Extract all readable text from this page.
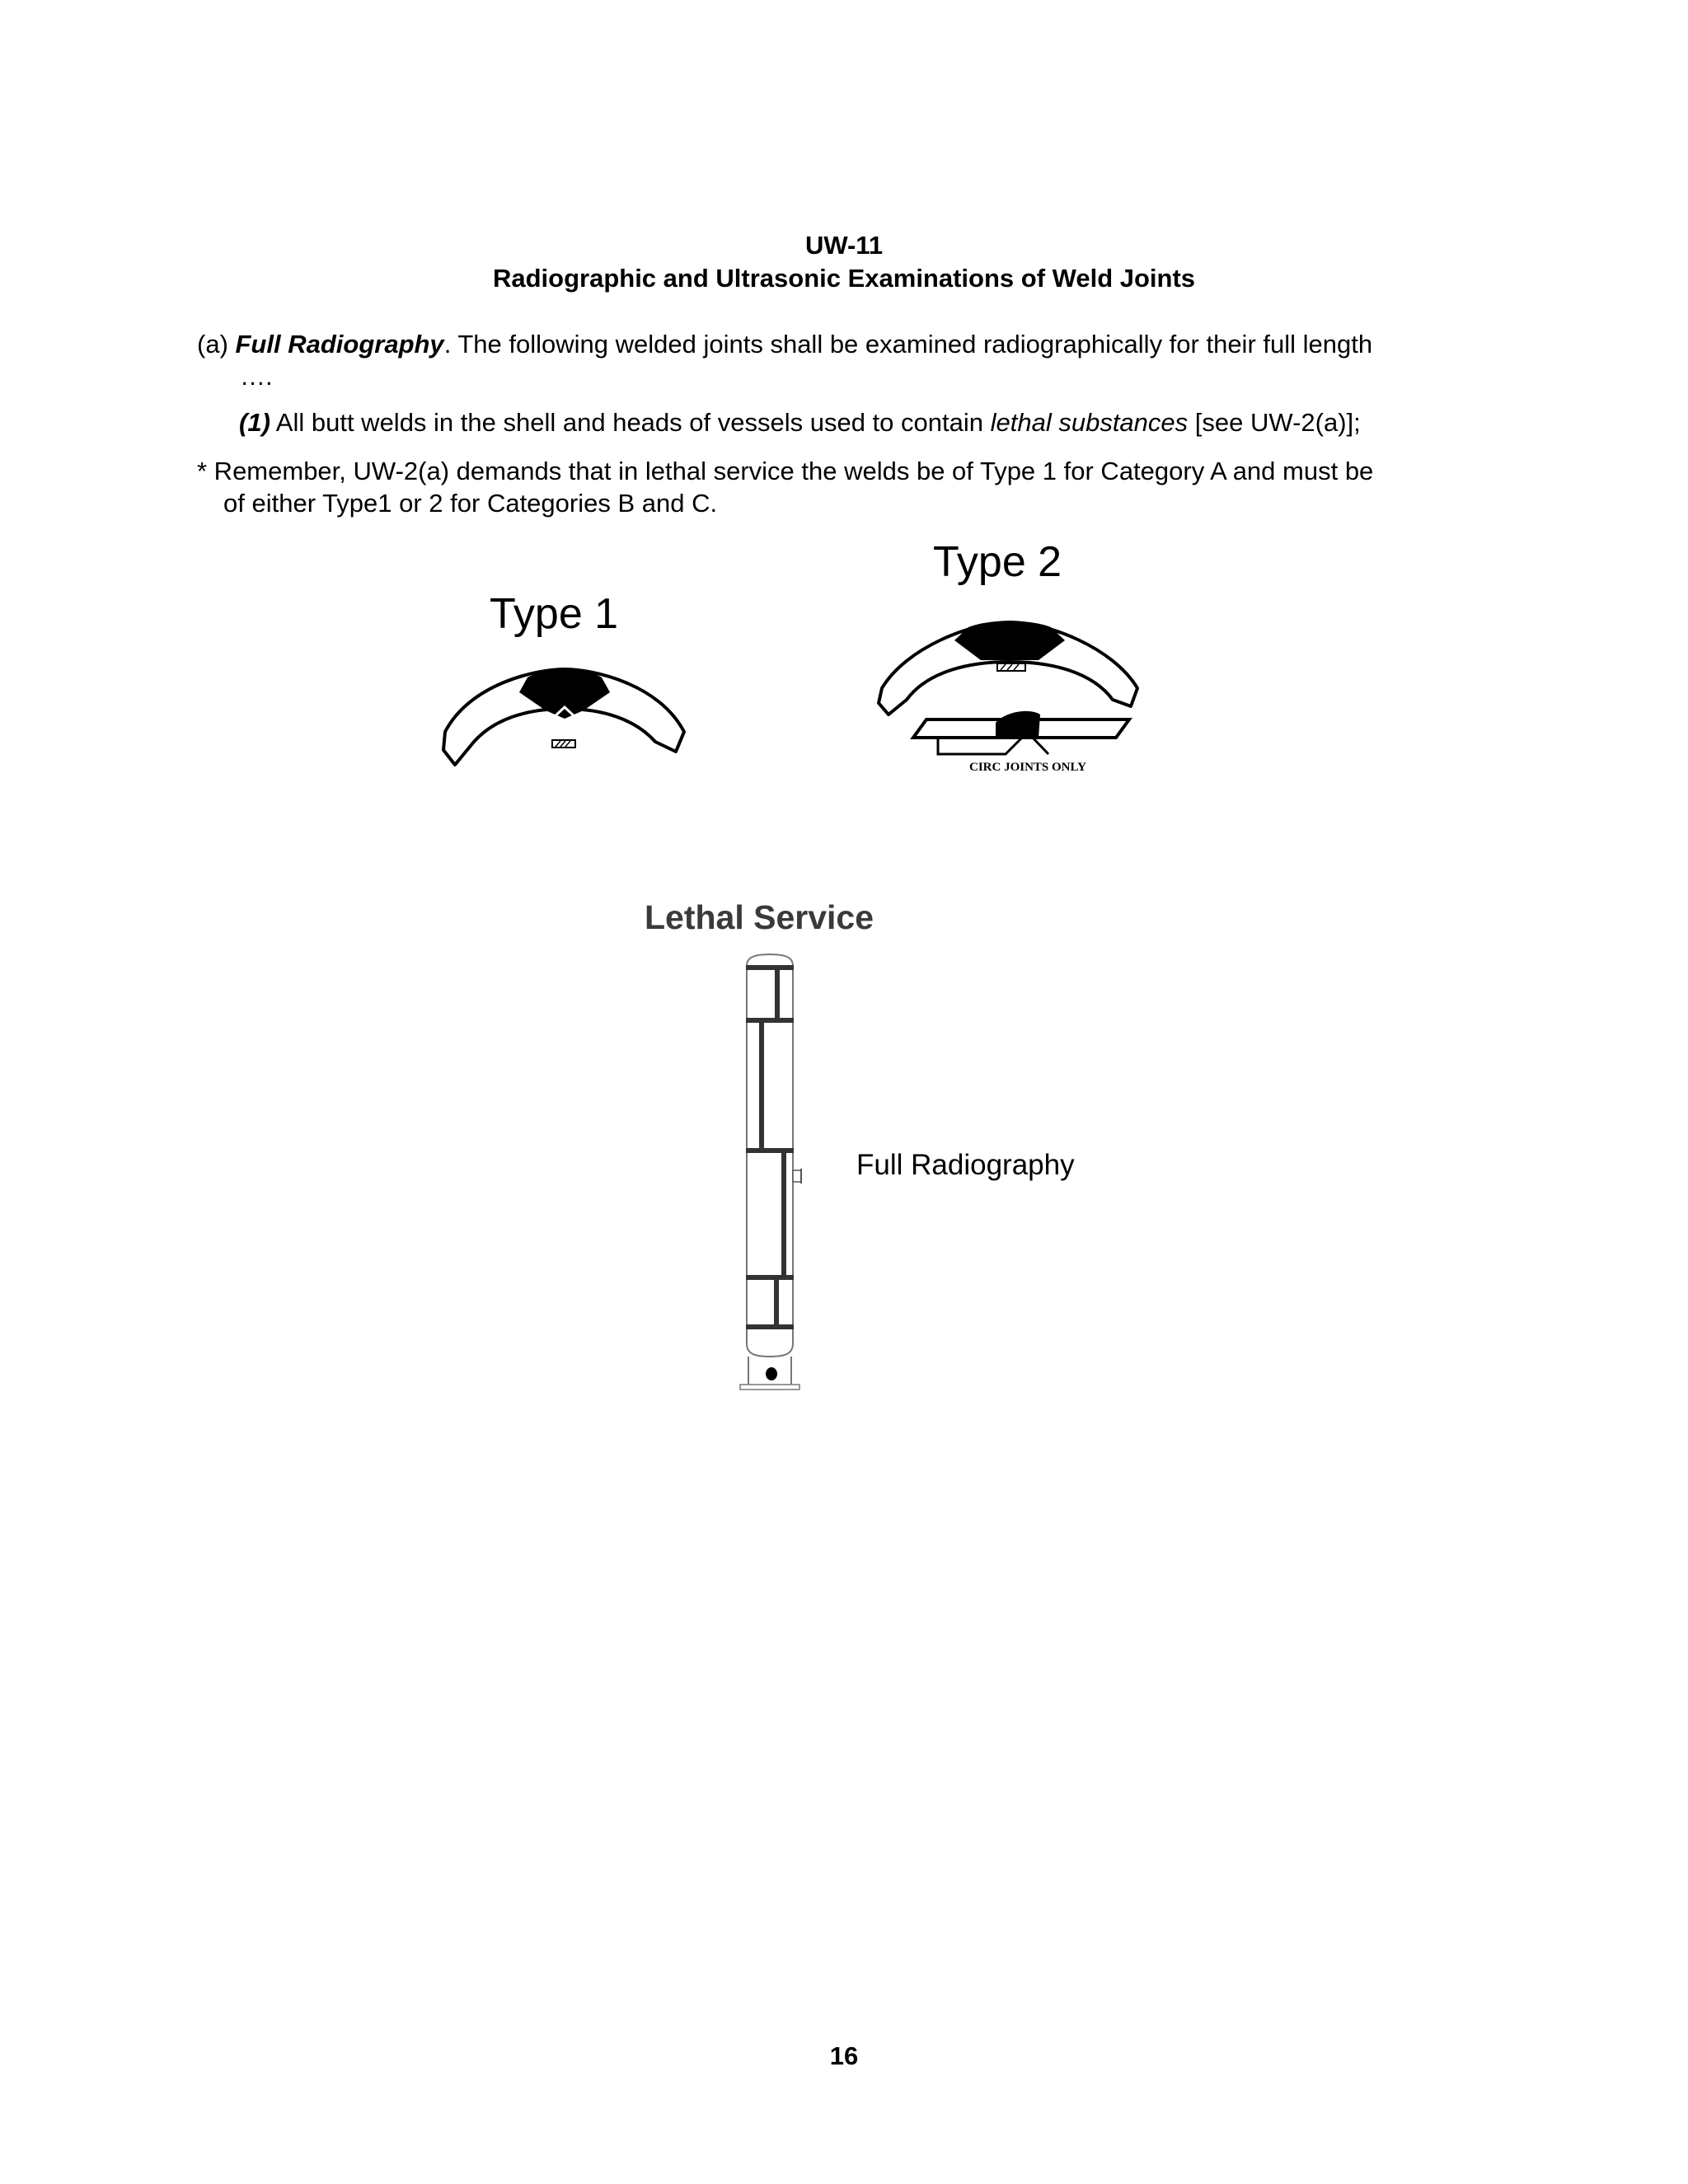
UW-11
Radiographic and Ultrasonic Examinations of Weld Joints
(a) Full Radiography. The following welded joints shall be examined radiographically for their full length
….
(1) All butt welds in the shell and heads of vessels used to contain lethal substances [see UW-2(a)];
* Remember, UW-2(a) demands that in lethal service the welds be of Type 1 for Category A and must be
of either Type1 or 2 for Categories B and C.
Type 1
Type 2
CIRC JOINTS ONLY
Lethal Service
Full Radiography
16
